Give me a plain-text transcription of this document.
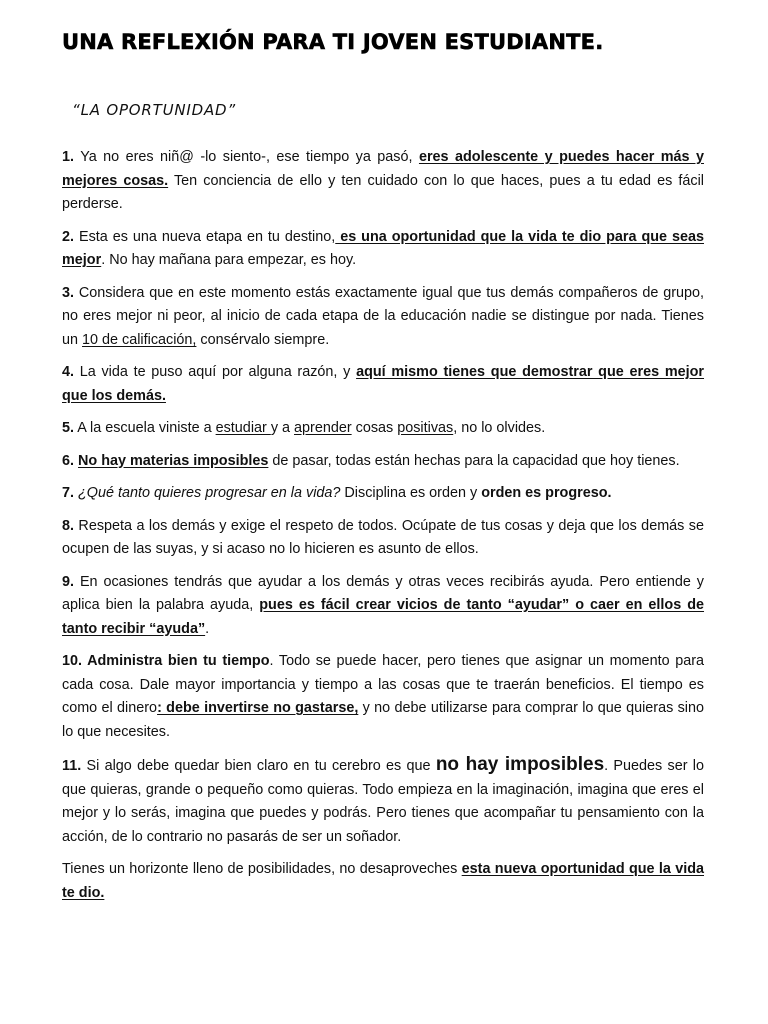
UNA REFLEXIÓN PARA TI JOVEN ESTUDIANTE.
“LA OPORTUNIDAD”

1. Ya no eres niñ@ -lo siento-, ese tiempo ya pasó, eres adolescente y puedes hacer más y mejores cosas. Ten conciencia de ello y ten cuidado con lo que haces, pues a tu edad es fácil perderse.

2. Esta es una nueva etapa en tu destino, es una oportunidad que la vida te dio para que seas mejor. No hay mañana para empezar, es hoy.

3. Considera que en este momento estás exactamente igual que tus demás compañeros de grupo, no eres mejor ni peor, al inicio de cada etapa de la educación nadie se distingue por nada. Tienes un 10 de calificación, consérvalo siempre.

4. La vida te puso aquí por alguna razón, y aquí mismo tienes que demostrar que eres mejor que los demás.

5. A la escuela viniste a estudiar y a aprender cosas positivas, no lo olvides.

6. No hay materias imposibles de pasar, todas están hechas para la capacidad que hoy tienes.

7. ¿Qué tanto quieres progresar en la vida? Disciplina es orden y orden es progreso.

8. Respeta a los demás y exige el respeto de todos. Ocúpate de tus cosas y deja que los demás se ocupen de las suyas, y si acaso no lo hicieren es asunto de ellos.

9. En ocasiones tendrás que ayudar a los demás y otras veces recibirás ayuda. Pero entiende y aplica bien la palabra ayuda, pues es fácil crear vicios de tanto “ayudar” o caer en ellos de tanto recibir “ayuda”.

10. Administra bien tu tiempo. Todo se puede hacer, pero tienes que asignar un momento para cada cosa. Dale mayor importancia y tiempo a las cosas que te traerán beneficios. El tiempo es como el dinero: debe invertirse no gastarse, y no debe utilizarse para comprar lo que quieras sino lo que necesites.

11. Si algo debe quedar bien claro en tu cerebro es que no hay imposibles. Puedes ser lo que quieras, grande o pequeño como quieras. Todo empieza en la imaginación, imagina que eres el mejor y lo serás, imagina que puedes y podrás. Pero tienes que acompañar tu pensamiento con la acción, de lo contrario no pasarás de ser un soñador.

Tienes un horizonte lleno de posibilidades, no desaproveches esta nueva oportunidad que la vida te dio.
